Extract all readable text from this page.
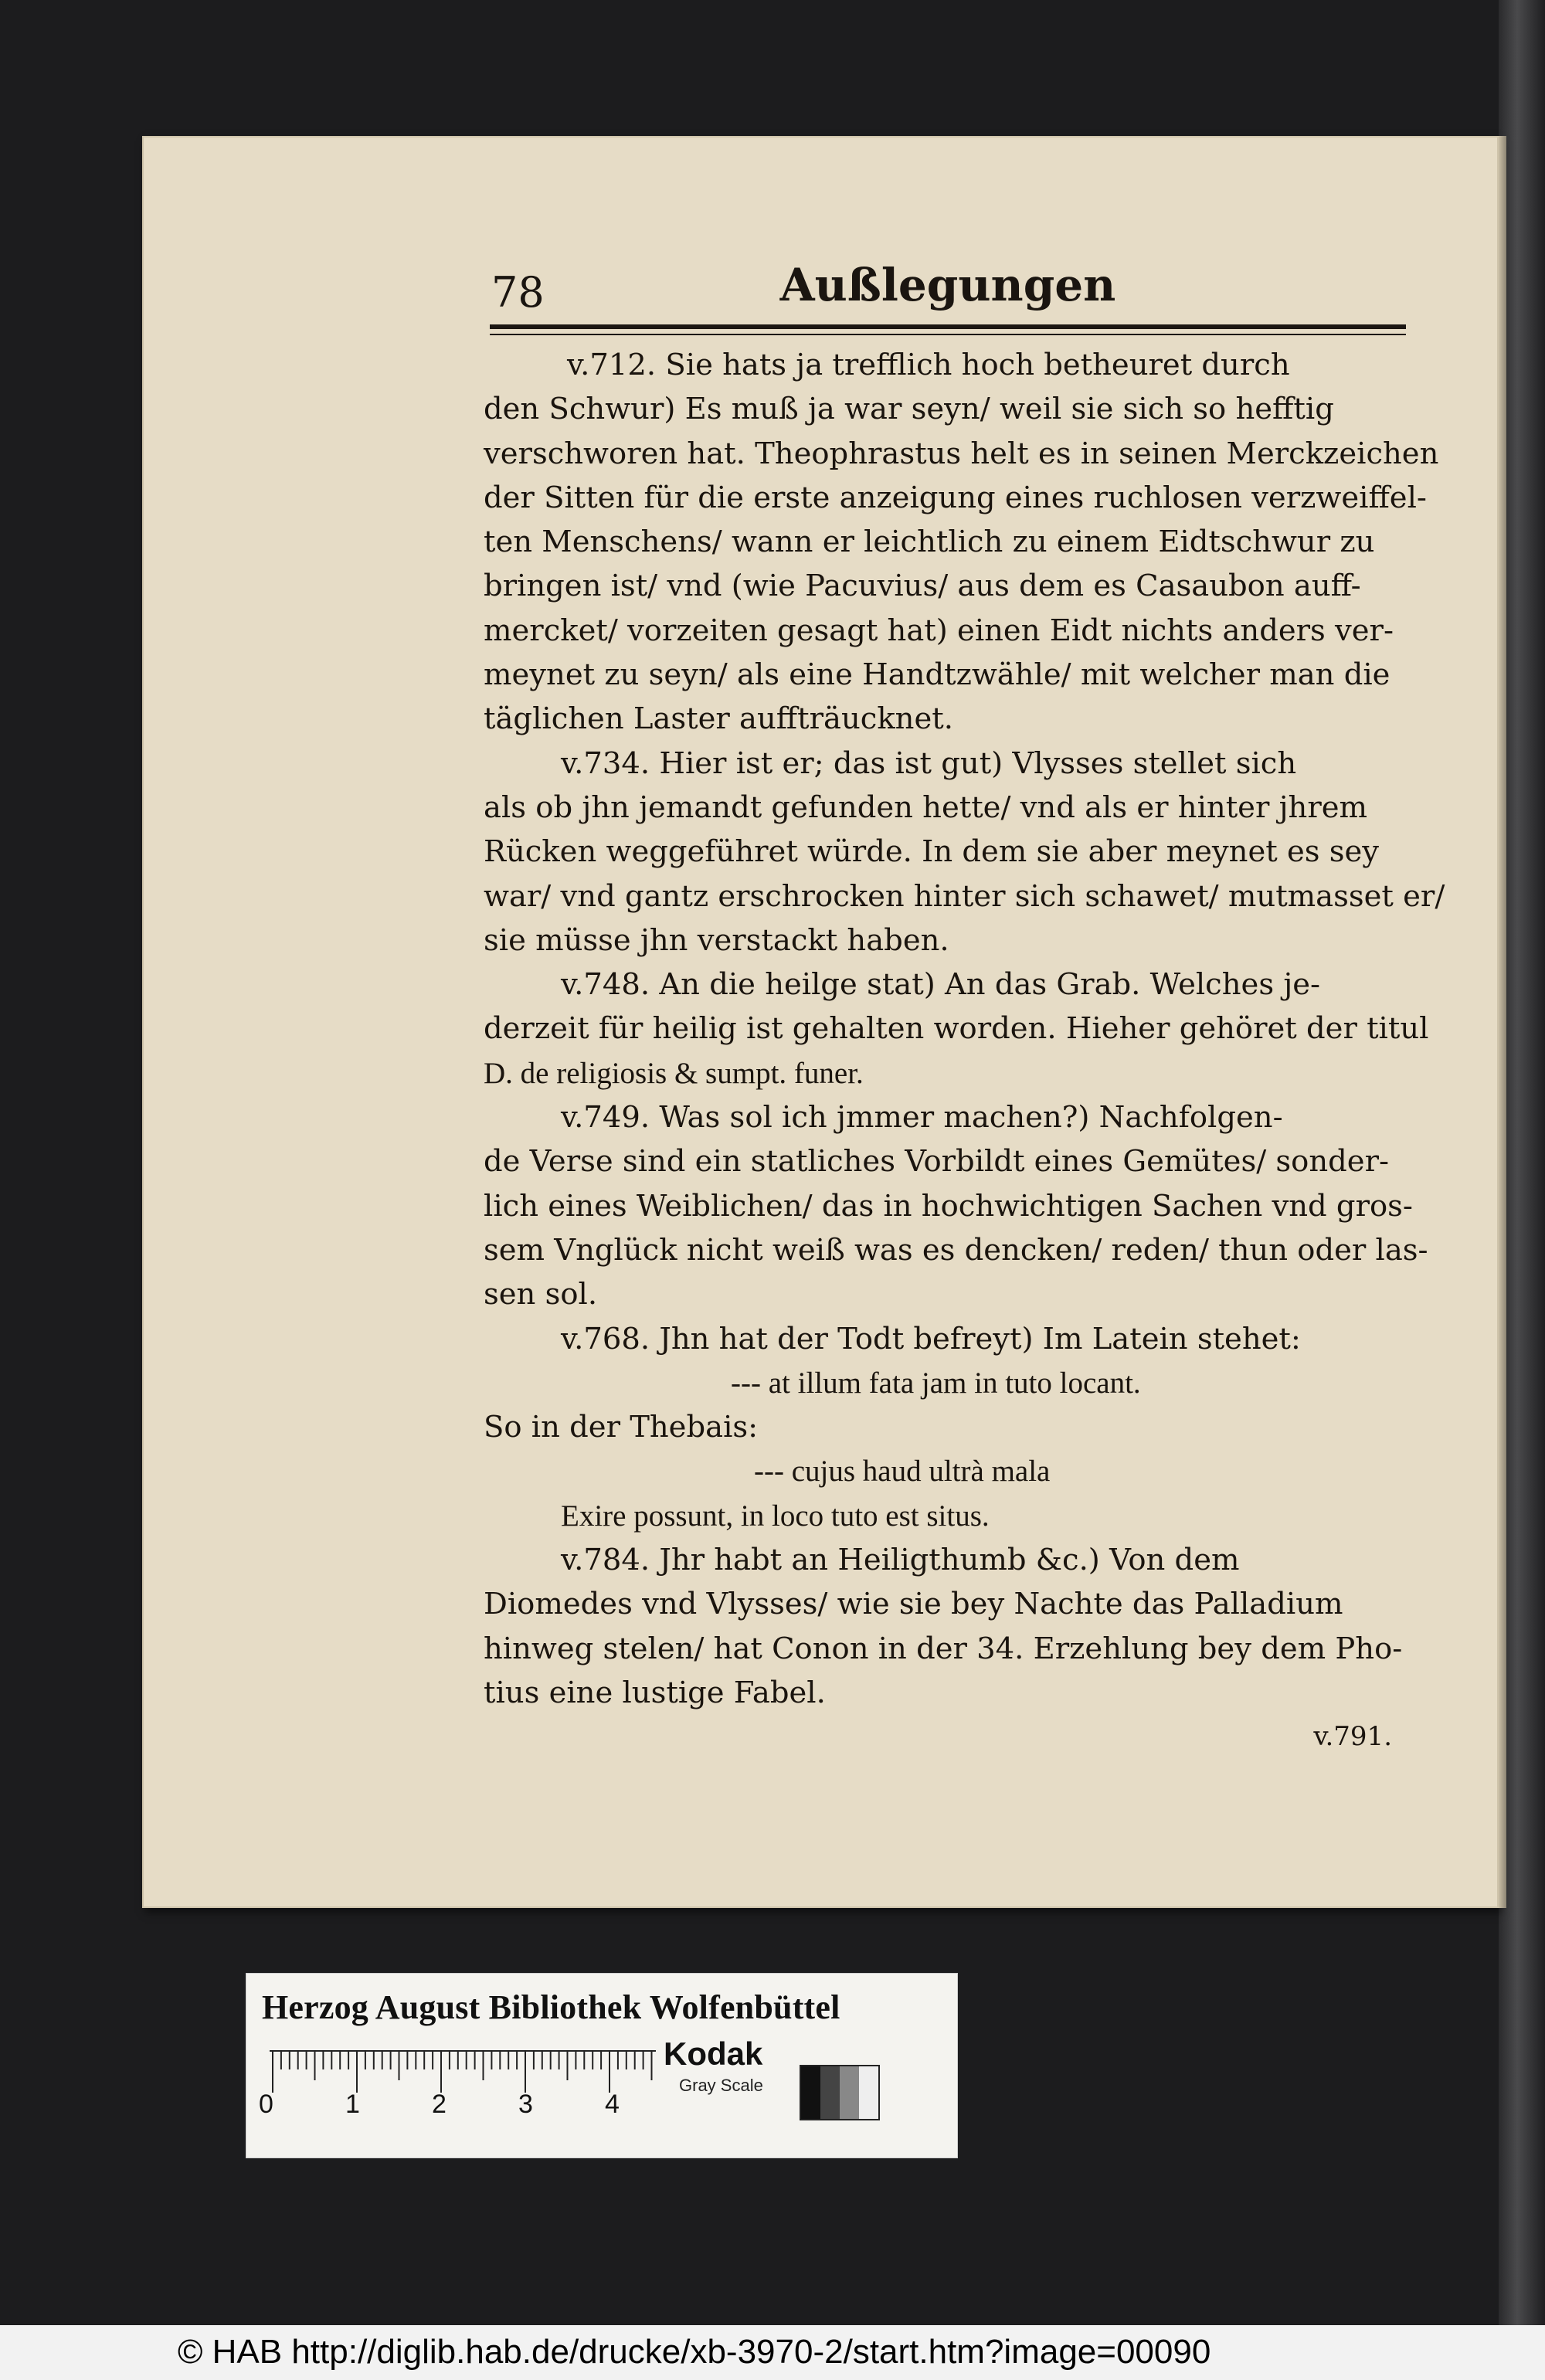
78	Außlegungen
v.712. Sie hats ja trefflich hoch betheuret durch
den Schwur) Es muß ja war seyn/ weil sie sich so hefftig
verschworen hat. Theophrastus helt es in seinen Merckzeichen
der Sitten für die erste anzeigung eines ruchlosen verzweiffel-
ten Menschens/ wann er leichtlich zu einem Eidtschwur zu
bringen ist/ vnd (wie Pacuvius/ aus dem es Casaubon auff-
mercket/ vorzeiten gesagt hat) einen Eidt nichts anders ver-
meynet zu seyn/ als eine Handtzwähle/ mit welcher man die
täglichen Laster auffträucknet.
v.734. Hier ist er; das ist gut) Vlysses stellet sich
als ob jhn jemandt gefunden hette/ vnd als er hinter jhrem
Rücken weggeführet würde. In dem sie aber meynet es sey
war/ vnd gantz erschrocken hinter sich schawet/ mutmasset er/
sie müsse jhn verstackt haben.
v.748. An die heilge stat) An das Grab. Welches je-
derzeit für heilig ist gehalten worden. Hieher gehöret der titul
D. de religiosis & sumpt. funer.
v.749. Was sol ich jmmer machen?) Nachfolgen-
de Verse sind ein statliches Vorbildt eines Gemütes/ sonder-
lich eines Weiblichen/ das in hochwichtigen Sachen vnd gros-
sem Vnglück nicht weiß was es dencken/ reden/ thun oder las-
sen sol.
v.768. Jhn hat der Todt befreyt) Im Latein stehet:
--- at illum fata jam in tuto locant.
So in der Thebais:
--- cujus haud ultrà mala
Exire possunt, in loco tuto est situs.
v.784. Jhr habt an Heiligthumb &c.) Von dem
Diomedes vnd Vlysses/ wie sie bey Nachte das Palladium
hinweg stelen/ hat Conon in der 34. Erzehlung bey dem Pho-
tius eine lustige Fabel.
v.791.
Herzog August Bibliothek Wolfenbüttel
0	1	2	3	4
Kodak
Gray Scale
© HAB http://diglib.hab.de/drucke/xb-3970-2/start.htm?image=00090
